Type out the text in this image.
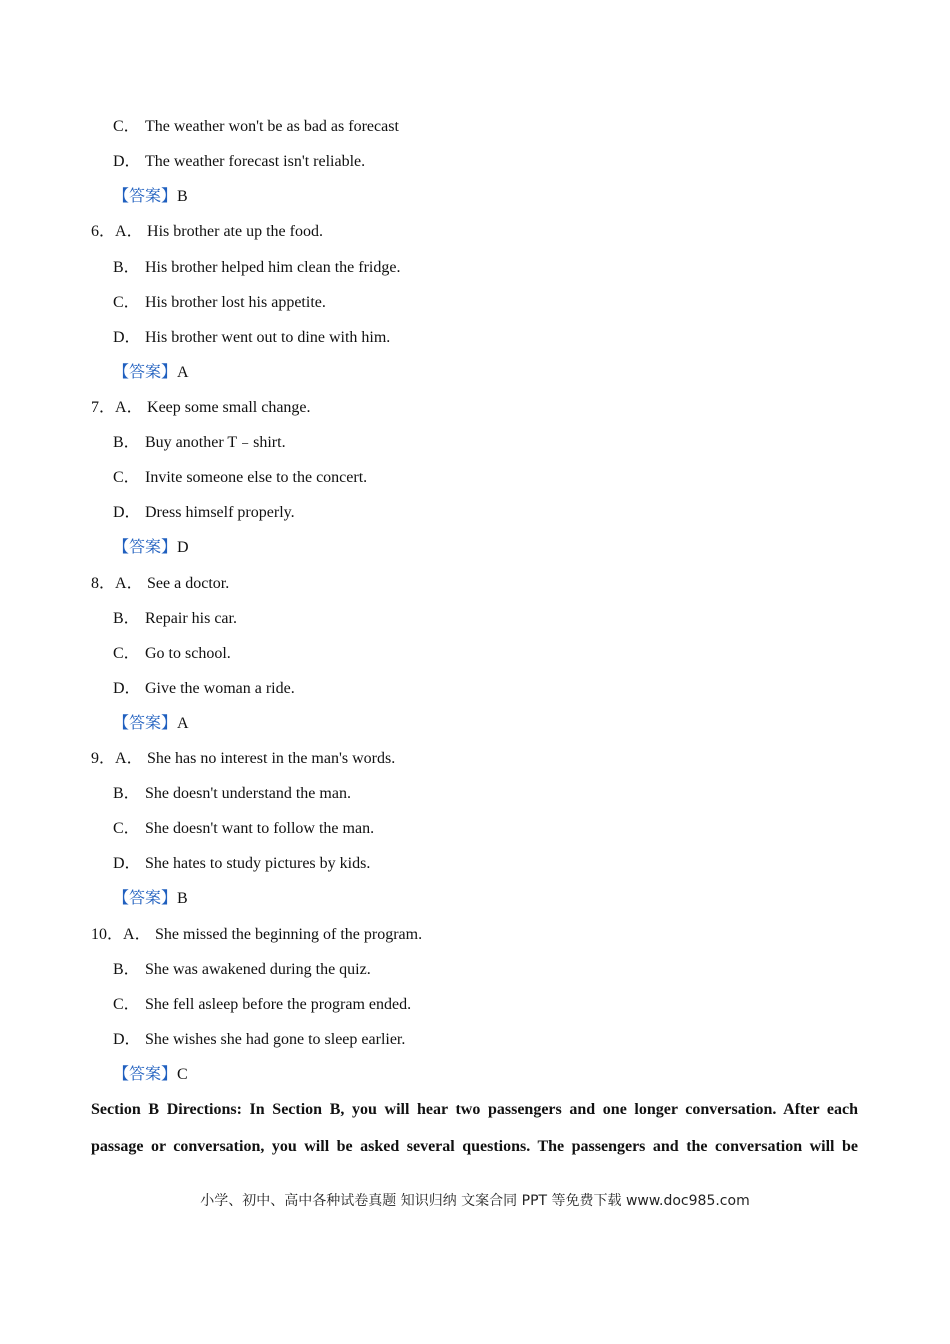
C． The weather won't be as bad as forecast
D． The weather forecast isn't reliable.
【答案】B
6．A． His brother ate up the food.
B． His brother helped him clean the fridge.
C． His brother lost his appetite.
D． His brother went out to dine with him.
【答案】A
7．A． Keep some small change.
B． Buy another T﹣shirt.
C． Invite someone else to the concert.
D． Dress himself properly.
【答案】D
8．A． See a doctor.
B． Repair his car.
C． Go to school.
D． Give the woman a ride.
【答案】A
9．A． She has no interest in the man's words.
B． She doesn't understand the man.
C． She doesn't want to follow the man.
D． She hates to study pictures by kids.
【答案】B
10．A． She missed the beginning of the program.
B． She was awakened during the quiz.
C． She fell asleep before the program ended.
D． She wishes she had gone to sleep earlier.
【答案】C
Section B Directions: In Section B, you will hear two passengers and one longer conversation. After each
passage or conversation, you will be asked several questions. The passengers and the conversation will be
小学、初中、高中各种试卷真题 知识归纳 文案合同 PPT 等免费下载 www.doc985.com
